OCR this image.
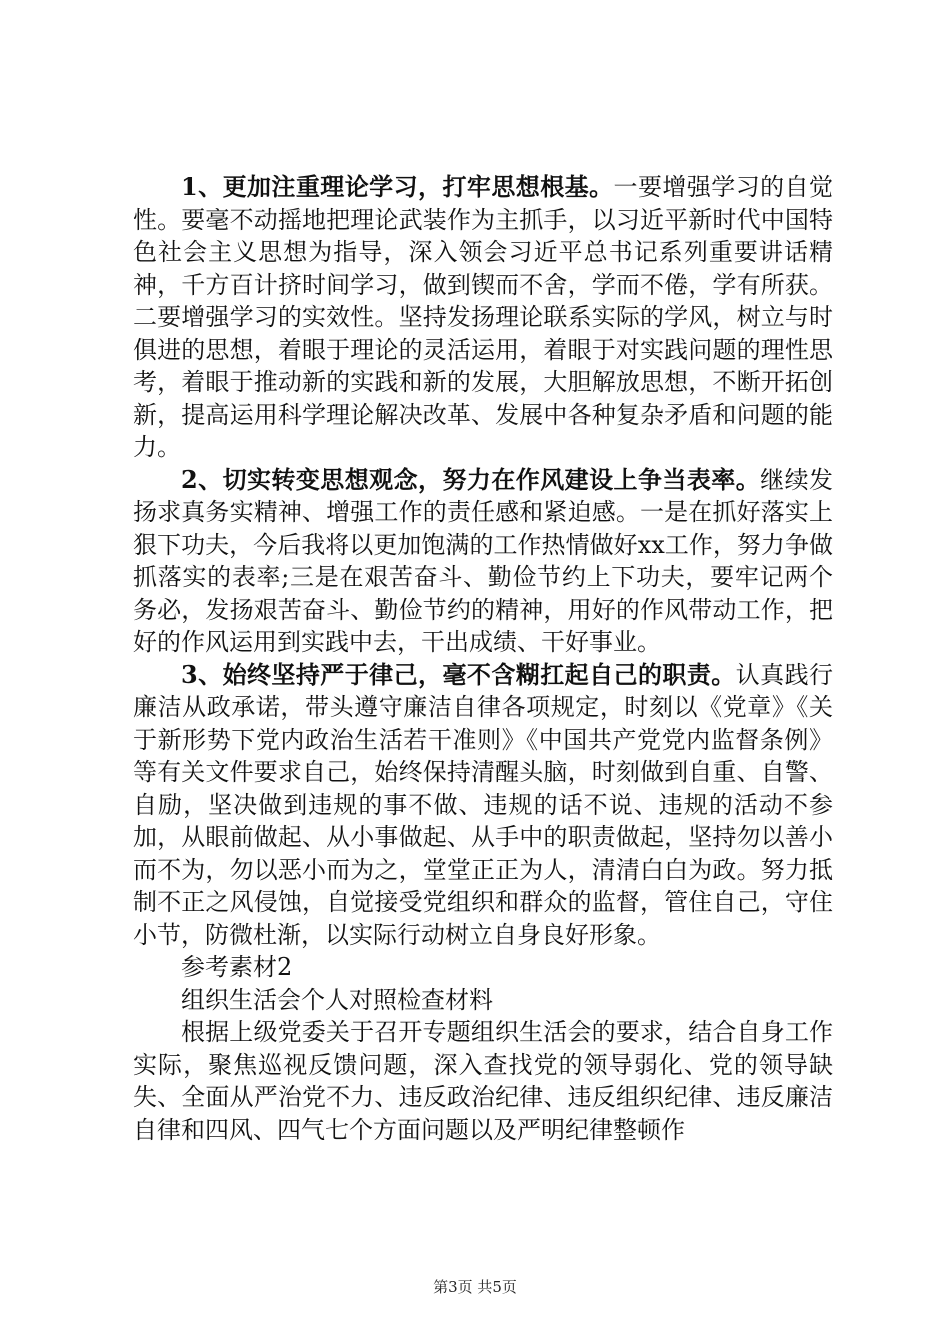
1、更加注重理论学习，打牢思想根基。一要增强学习的自觉性。要毫不动摇地把理论武装作为主抓手，以习近平新时代中国特色社会主义思想为指导，深入领会习近平总书记系列重要讲话精神，千方百计挤时间学习，做到锲而不舍，学而不倦，学有所获。二要增强学习的实效性。坚持发扬理论联系实际的学风，树立与时俱进的思想，着眼于理论的灵活运用，着眼于对实践问题的理性思考，着眼于推动新的实践和新的发展，大胆解放思想，不断开拓创新，提高运用科学理论解决改革、发展中各种复杂矛盾和问题的能力。

2、切实转变思想观念，努力在作风建设上争当表率。继续发扬求真务实精神、增强工作的责任感和紧迫感。一是在抓好落实上狠下功夫，今后我将以更加饱满的工作热情做好xx工作，努力争做抓落实的表率;三是在艰苦奋斗、勤俭节约上下功夫，要牢记两个务必，发扬艰苦奋斗、勤俭节约的精神，用好的作风带动工作，把好的作风运用到实践中去，干出成绩、干好事业。

3、始终坚持严于律己，毫不含糊扛起自己的职责。认真践行廉洁从政承诺，带头遵守廉洁自律各项规定，时刻以《党章》《关于新形势下党内政治生活若干准则》《中国共产党党内监督条例》等有关文件要求自己，始终保持清醒头脑，时刻做到自重、自警、自励，坚决做到违规的事不做、违规的话不说、违规的活动不参加，从眼前做起、从小事做起、从手中的职责做起，坚持勿以善小而不为，勿以恶小而为之，堂堂正正为人，清清白白为政。努力抵制不正之风侵蚀，自觉接受党组织和群众的监督，管住自己，守住小节，防微杜渐，以实际行动树立自身良好形象。

参考素材2

组织生活会个人对照检查材料

根据上级党委关于召开专题组织生活会的要求，结合自身工作实际，聚焦巡视反馈问题，深入查找党的领导弱化、党的领导缺失、全面从严治党不力、违反政治纪律、违反组织纪律、违反廉洁自律和四风、四气七个方面问题以及严明纪律整顿作

第3页 共5页
